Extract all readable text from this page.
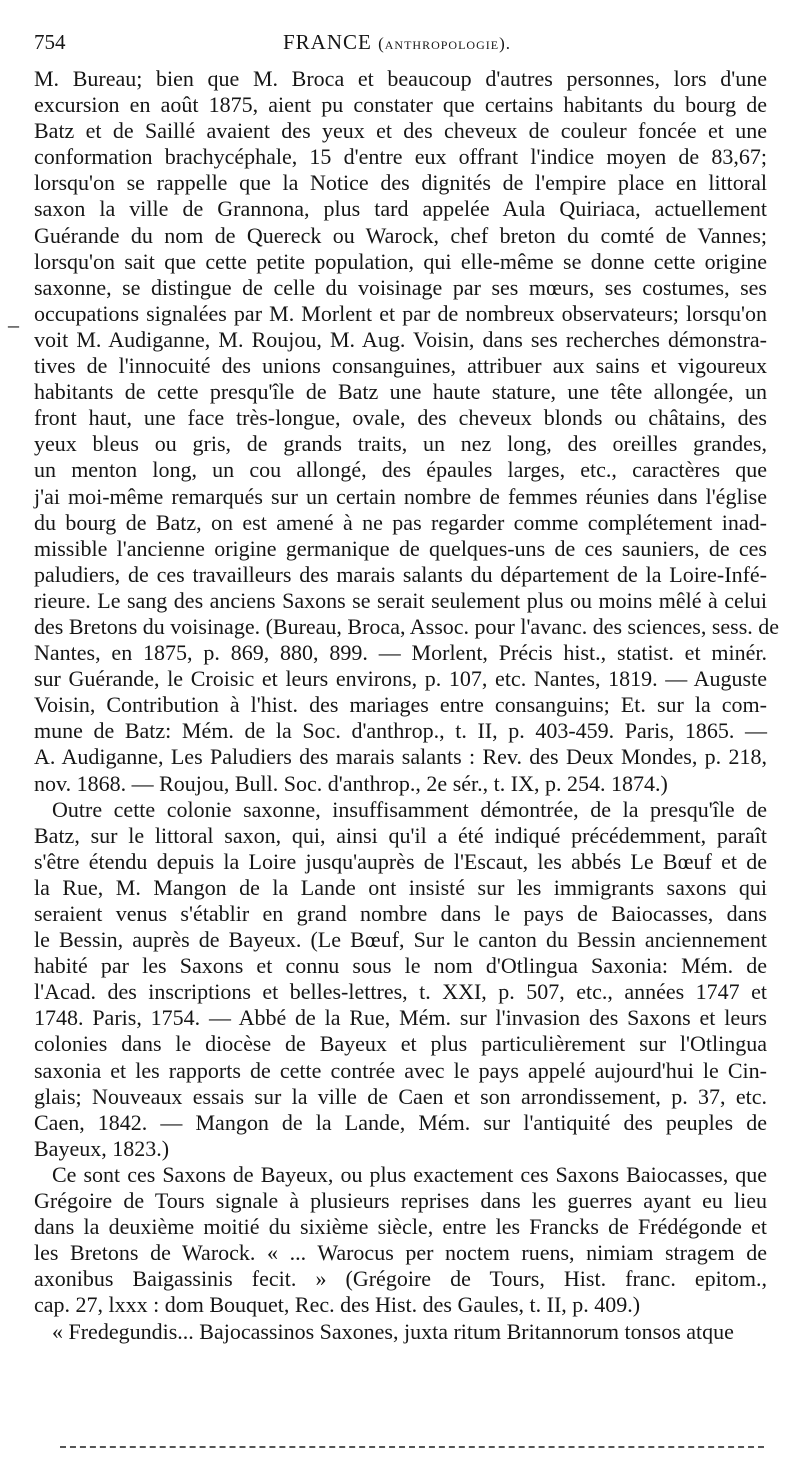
754	FRANCE (anthropologie).
–

M. Bureau; bien que M. Broca et beaucoup d'autres personnes, lors d'une
excursion en août 1875, aient pu constater que certains habitants du bourg de
Batz et de Saillé avaient des yeux et des cheveux de couleur foncée et une
conformation brachycéphale, 15 d'entre eux offrant l'indice moyen de 83,67;
lorsqu'on se rappelle que la Notice des dignités de l'empire place en littoral
saxon la ville de Grannona, plus tard appelée Aula Quiriaca, actuellement
Guérande du nom de Quereck ou Warock, chef breton du comté de Vannes;
lorsqu'on sait que cette petite population, qui elle-même se donne cette origine
saxonne, se distingue de celle du voisinage par ses mœurs, ses costumes, ses
occupations signalées par M. Morlent et par de nombreux observateurs; lorsqu'on
voit M. Audiganne, M. Roujou, M. Aug. Voisin, dans ses recherches démonstra-
tives de l'innocuité des unions consanguines, attribuer aux sains et vigoureux
habitants de cette presqu'île de Batz une haute stature, une tête allongée, un
front haut, une face très-longue, ovale, des cheveux blonds ou châtains, des
yeux bleus ou gris, de grands traits, un nez long, des oreilles grandes,
un menton long, un cou allongé, des épaules larges, etc., caractères que
j'ai moi-même remarqués sur un certain nombre de femmes réunies dans l'église
du bourg de Batz, on est amené à ne pas regarder comme complétement inad-
missible l'ancienne origine germanique de quelques-uns de ces sauniers, de ces
paludiers, de ces travailleurs des marais salants du département de la Loire-Infé-
rieure. Le sang des anciens Saxons se serait seulement plus ou moins mêlé à celui
des Bretons du voisinage. (Bureau, Broca, Assoc. pour l'avanc. des sciences, sess. de
Nantes, en 1875, p. 869, 880, 899. — Morlent, Précis hist., statist. et minér.
sur Guérande, le Croisic et leurs environs, p. 107, etc. Nantes, 1819. — Auguste
Voisin, Contribution à l'hist. des mariages entre consanguins; Et. sur la com-
mune de Batz: Mém. de la Soc. d'anthrop., t. II, p. 403-459. Paris, 1865. —
A. Audiganne, Les Paludiers des marais salants : Rev. des Deux Mondes, p. 218,
nov. 1868. — Roujou, Bull. Soc. d'anthrop., 2e sér., t. IX, p. 254. 1874.)

Outre cette colonie saxonne, insuffisamment démontrée, de la presqu'île de
Batz, sur le littoral saxon, qui, ainsi qu'il a été indiqué précédemment, paraît
s'être étendu depuis la Loire jusqu'auprès de l'Escaut, les abbés Le Bœuf et de
la Rue, M. Mangon de la Lande ont insisté sur les immigrants saxons qui
seraient venus s'établir en grand nombre dans le pays de Baiocasses, dans
le Bessin, auprès de Bayeux. (Le Bœuf, Sur le canton du Bessin anciennement
habité par les Saxons et connu sous le nom d'Otlingua Saxonia: Mém. de
l'Acad. des inscriptions et belles-lettres, t. XXI, p. 507, etc., années 1747 et
1748. Paris, 1754. — Abbé de la Rue, Mém. sur l'invasion des Saxons et leurs
colonies dans le diocèse de Bayeux et plus particulièrement sur l'Otlingua
saxonia et les rapports de cette contrée avec le pays appelé aujourd'hui le Cin-
glais; Nouveaux essais sur la ville de Caen et son arrondissement, p. 37, etc.
Caen, 1842. — Mangon de la Lande, Mém. sur l'antiquité des peuples de
Bayeux, 1823.)

Ce sont ces Saxons de Bayeux, ou plus exactement ces Saxons Baiocasses, que
Grégoire de Tours signale à plusieurs reprises dans les guerres ayant eu lieu
dans la deuxième moitié du sixième siècle, entre les Francks de Frédégonde et
les Bretons de Warock. « ... Warocus per noctem ruens, nimiam stragem de
axonibus Baigassinis fecit. » (Grégoire de Tours, Hist. franc. epitom.,
cap. 27, lxxx : dom Bouquet, Rec. des Hist. des Gaules, t. II, p. 409.)

« Fredegundis... Bajocassinos Saxones, juxta ritum Britannorum tonsos atque
